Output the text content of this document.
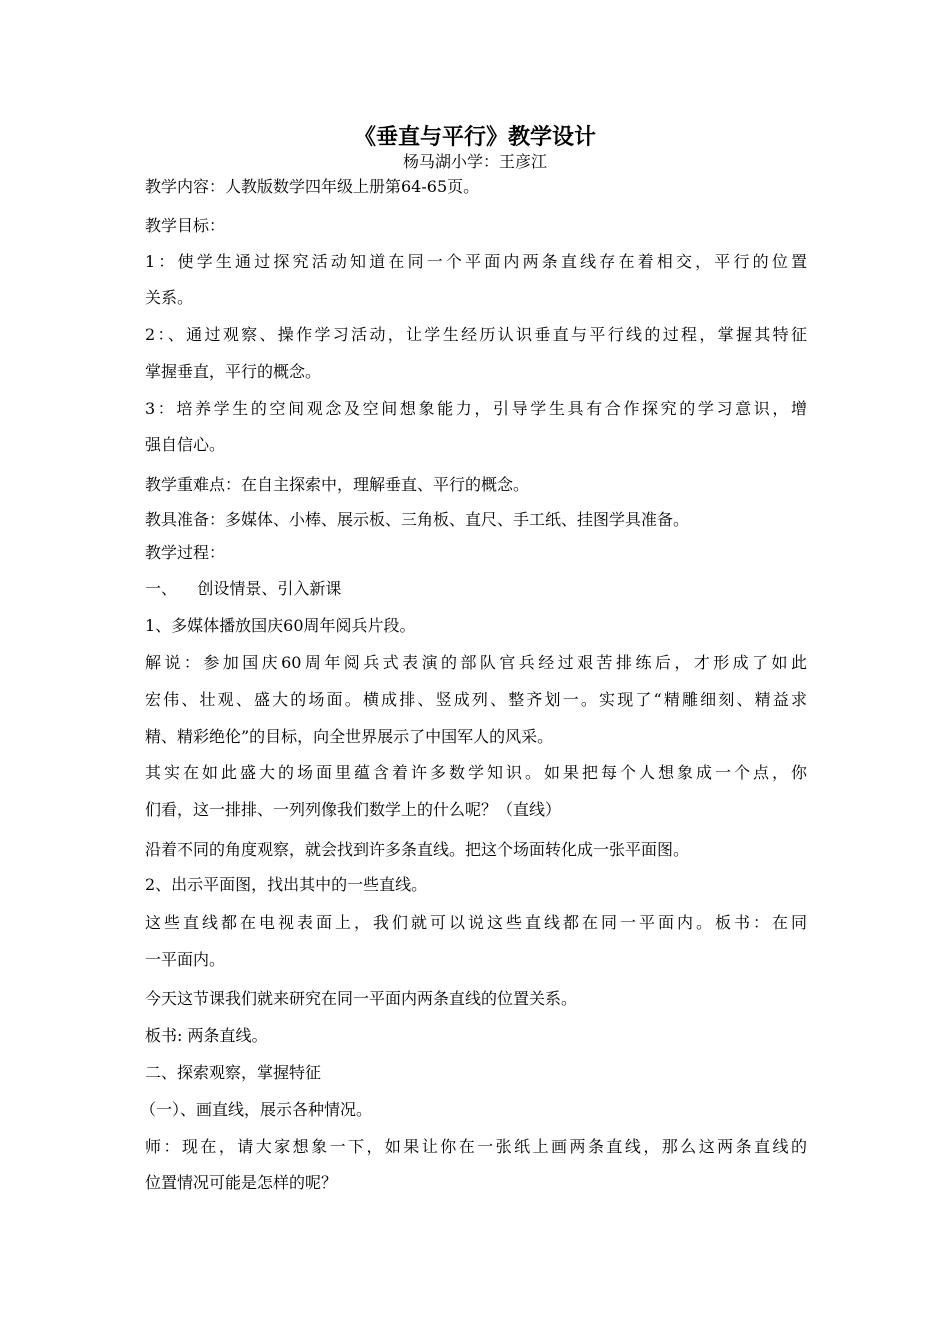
《垂直与平行》教学设计
杨马湖小学：王彦江
教学内容：人教版数学四年级上册第64-65页。
教学目标：
1：使学生通过探究活动知道在同一个平面内两条直线存在着相交，平行的位置
关系。
2：、通过观察、操作学习活动，让学生经历认识垂直与平行线的过程，掌握其特征
掌握垂直，平行的概念。
3：培养学生的空间观念及空间想象能力，引导学生具有合作探究的学习意识，增
强自信心。
教学重难点：在自主探索中，理解垂直、平行的概念。
教具准备：多媒体、小棒、展示板、三角板、直尺、手工纸、挂图学具准备。
教学过程：
一、    创设情景、引入新课
1、多媒体播放国庆60周年阅兵片段。
解说：参加国庆60周年阅兵式表演的部队官兵经过艰苦排练后，才形成了如此
宏伟、壮观、盛大的场面。横成排、竖成列、整齐划一。实现了“精雕细刻、精益求
精、精彩绝伦”的目标，向全世界展示了中国军人的风采。
其实在如此盛大的场面里蕴含着许多数学知识。如果把每个人想象成一个点，你
们看，这一排排、一列列像我们数学上的什么呢？（直线）
沿着不同的角度观察，就会找到许多条直线。把这个场面转化成一张平面图。
2、出示平面图，找出其中的一些直线。
这些直线都在电视表面上，我们就可以说这些直线都在同一平面内。板书：在同
一平面内。
今天这节课我们就来研究在同一平面内两条直线的位置关系。
板书: 两条直线。
二、探索观察，掌握特征
（一）、画直线，展示各种情况。
师：现在，请大家想象一下，如果让你在一张纸上画两条直线，那么这两条直线的
位置情况可能是怎样的呢？
